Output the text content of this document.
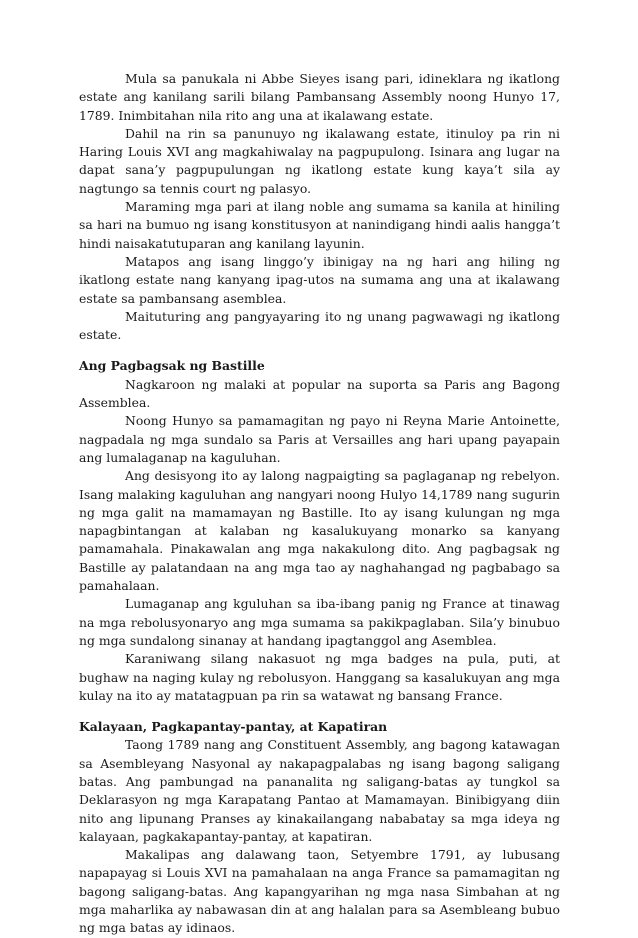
Mula sa panukala ni Abbe Sieyes isang pari, idineklara ng ikatlong estate ang kanilang sarili bilang Pambansang Assembly noong Hunyo 17, 1789. Inimbitahan nila rito ang una at ikalawang estate.

Dahil na rin sa panunuyo ng ikalawang estate, itinuloy pa rin ni Haring Louis XVI ang magkahiwalay na pagpupulong. Isinara ang lugar na dapat sana’y pagpupulungan ng ikatlong estate kung kaya’t sila ay nagtungo sa tennis court ng palasyo.

Maraming mga pari at ilang noble ang sumama sa kanila at hiniling sa hari na bumuo ng isang konstitusyon at nanindigang hindi aalis hangga’t hindi naisakatutuparan ang kanilang layunin.

Matapos ang isang linggo’y ibinigay na ng hari ang hiling ng ikatlong estate nang kanyang ipag-utos na sumama ang una at ikalawang estate sa pambansang asemblea.

Maituturing ang pangyayaring ito ng unang pagwawagi ng ikatlong estate.

Ang Pagbagsak ng Bastille

Nagkaroon ng malaki at popular na suporta sa Paris ang Bagong Assemblea.

Noong Hunyo sa pamamagitan ng payo ni Reyna Marie Antoinette, nagpadala ng mga sundalo sa Paris at Versailles ang hari upang payapain ang lumalaganap na kaguluhan.

Ang desisyong ito ay lalong nagpaigting sa paglaganap ng rebelyon. Isang malaking kaguluhan ang nangyari noong Hulyo 14,1789 nang sugurin ng mga galit na mamamayan ng Bastille. Ito ay isang kulungan ng mga napagbintangan at kalaban ng kasalukuyang monarko sa kanyang pamamahala. Pinakawalan ang mga nakakulong dito. Ang pagbagsak ng Bastille ay palatandaan na ang mga tao ay naghahangad ng pagbabago sa pamahalaan.

Lumaganap ang kguluhan sa iba-ibang panig ng France at tinawag na mga rebolusyonaryo ang mga sumama sa pakikpaglaban. Sila’y binubuo ng mga sundalong sinanay at handang ipagtanggol ang Asemblea.

Karaniwang silang nakasuot ng mga badges na pula, puti, at bughaw na naging kulay ng rebolusyon. Hanggang sa kasalukuyan ang mga kulay na ito ay matatagpuan pa rin sa watawat ng bansang France.

Kalayaan, Pagkapantay-pantay, at Kapatiran

Taong 1789 nang ang Constituent Assembly, ang bagong katawagan sa Asembleyang Nasyonal ay nakapagpalabas ng isang bagong saligang batas. Ang pambungad na pananalita ng saligang-batas ay tungkol sa Deklarasyon ng mga Karapatang Pantao at Mamamayan. Binibigyang diin nito ang lipunang Pranses ay kinakailangang nababatay sa mga ideya ng kalayaan, pagkakapantay-pantay, at kapatiran.

Makalipas ang dalawang taon, Setyembre 1791, ay lubusang napapayag si Louis XVI na pamahalaan na anga France sa pamamagitan ng bagong saligang-batas. Ang kapangyarihan ng mga nasa Simbahan at ng mga maharlika ay nabawasan din at ang halalan para sa Asembleang bubuo ng mga batas ay idinaos.
